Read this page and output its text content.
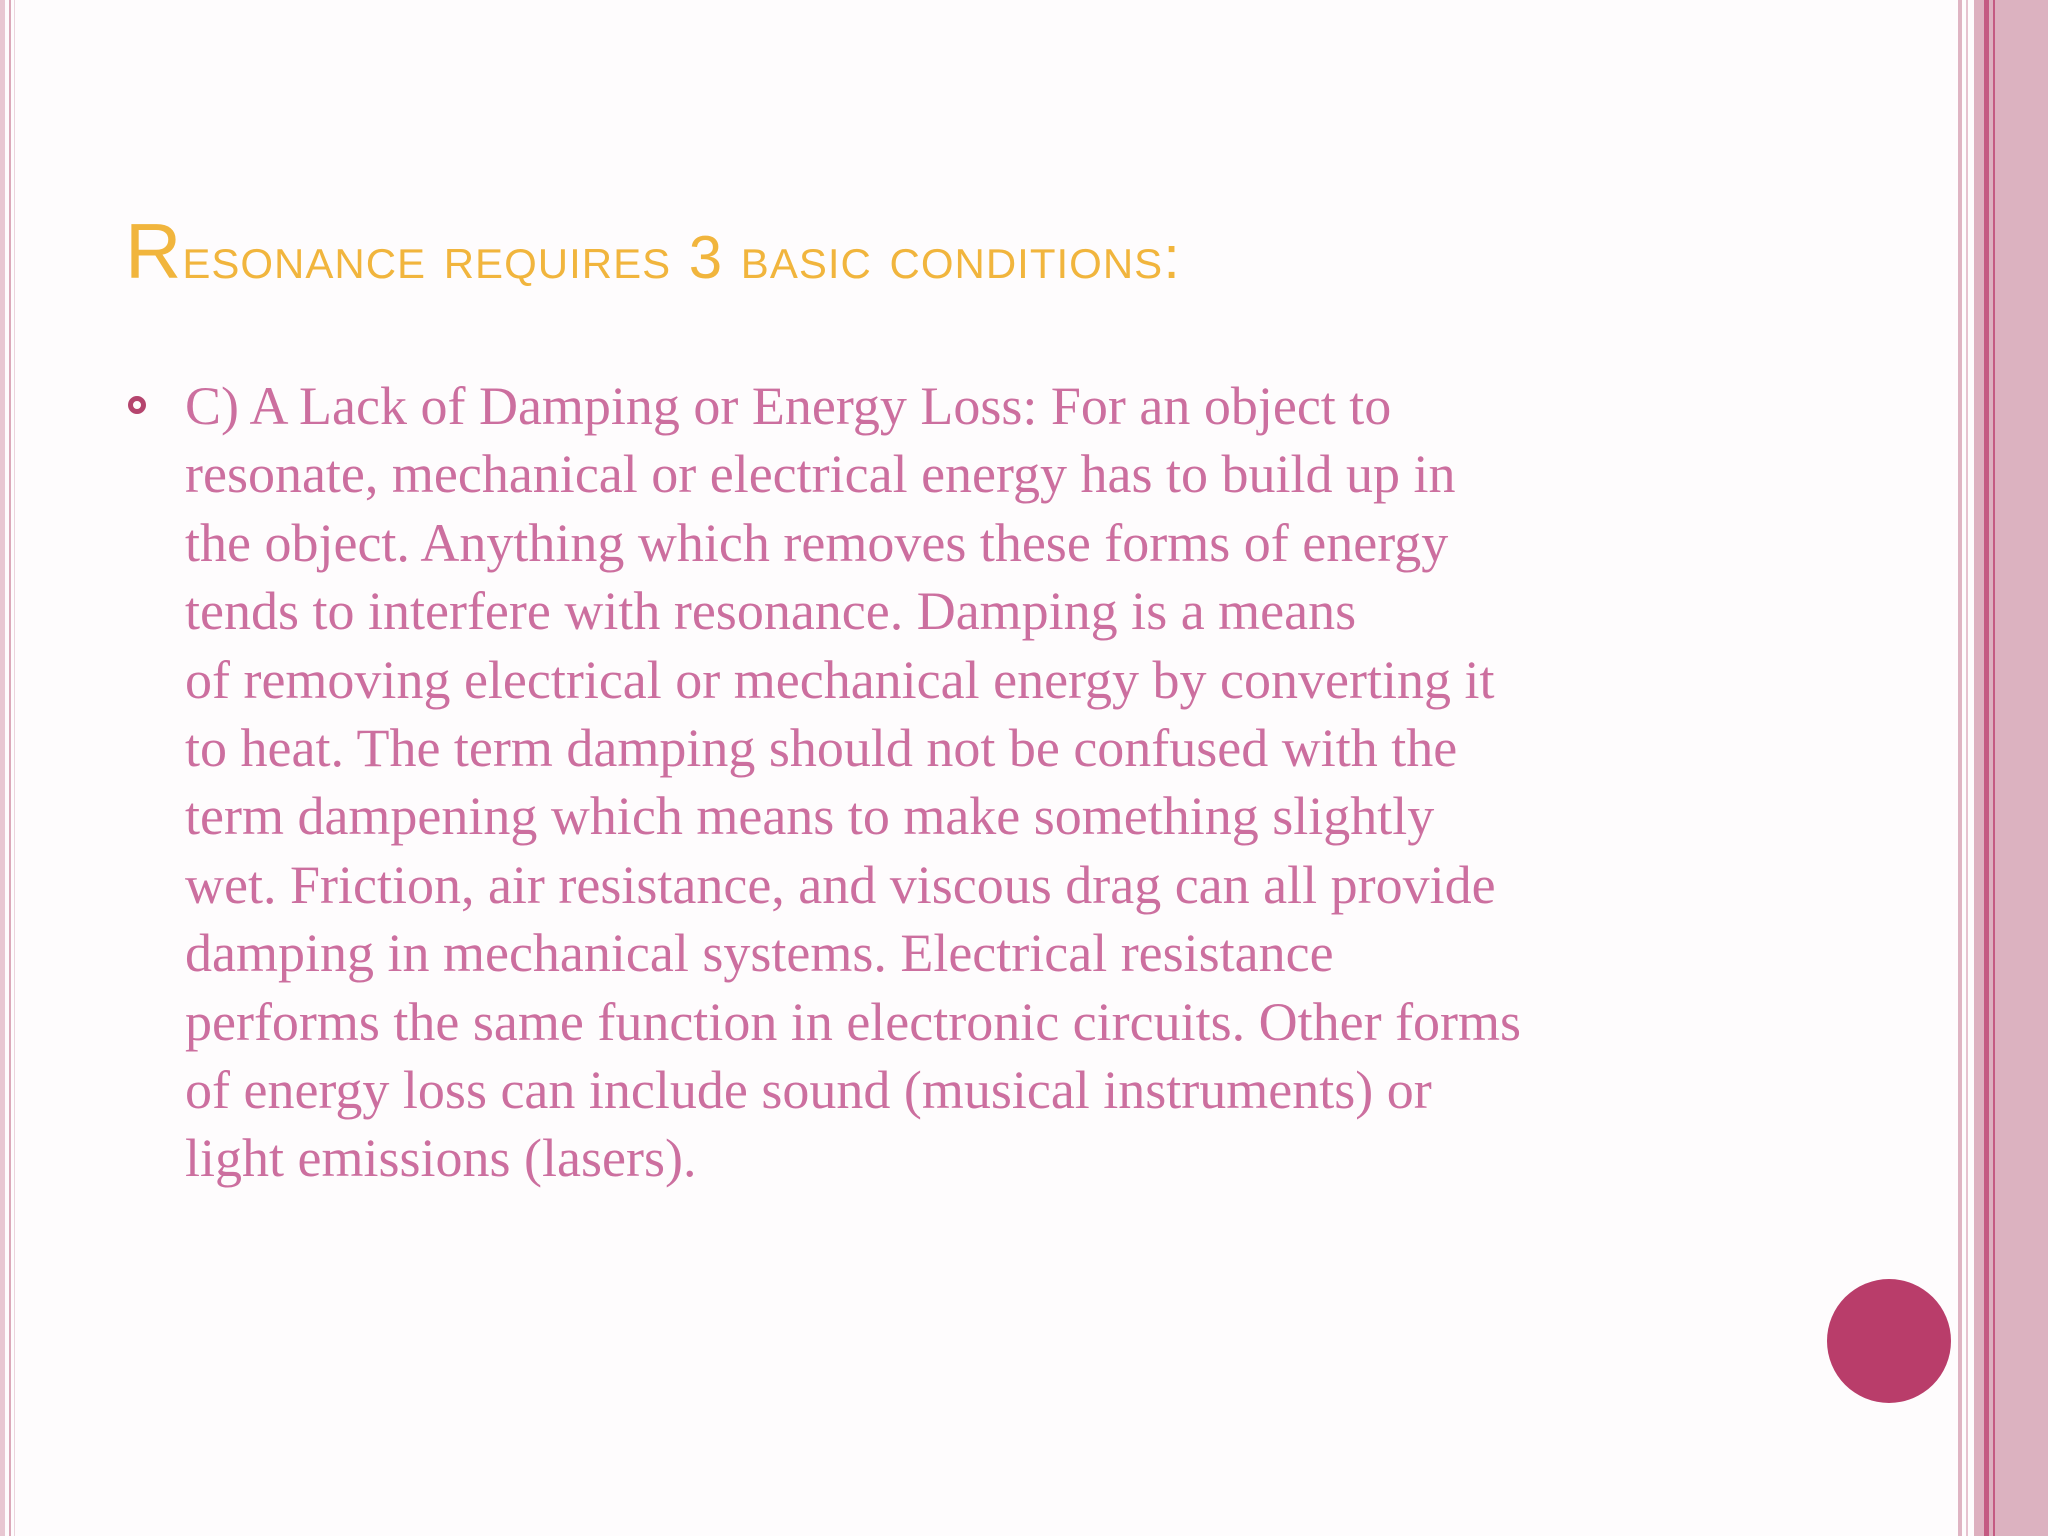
Resonance requires 3 basic conditions:

C) A Lack of Damping or Energy Loss: For an object to
resonate, mechanical or electrical energy has to build up in
the object. Anything which removes these forms of energy
tends to interfere with resonance. Damping is a means
of removing electrical or mechanical energy by converting it
to heat. The term damping should not be confused with the
term dampening which means to make something slightly
wet. Friction, air resistance, and viscous drag can all provide
damping in mechanical systems. Electrical resistance
performs the same function in electronic circuits. Other forms
of energy loss can include sound (musical instruments) or
light emissions (lasers).
